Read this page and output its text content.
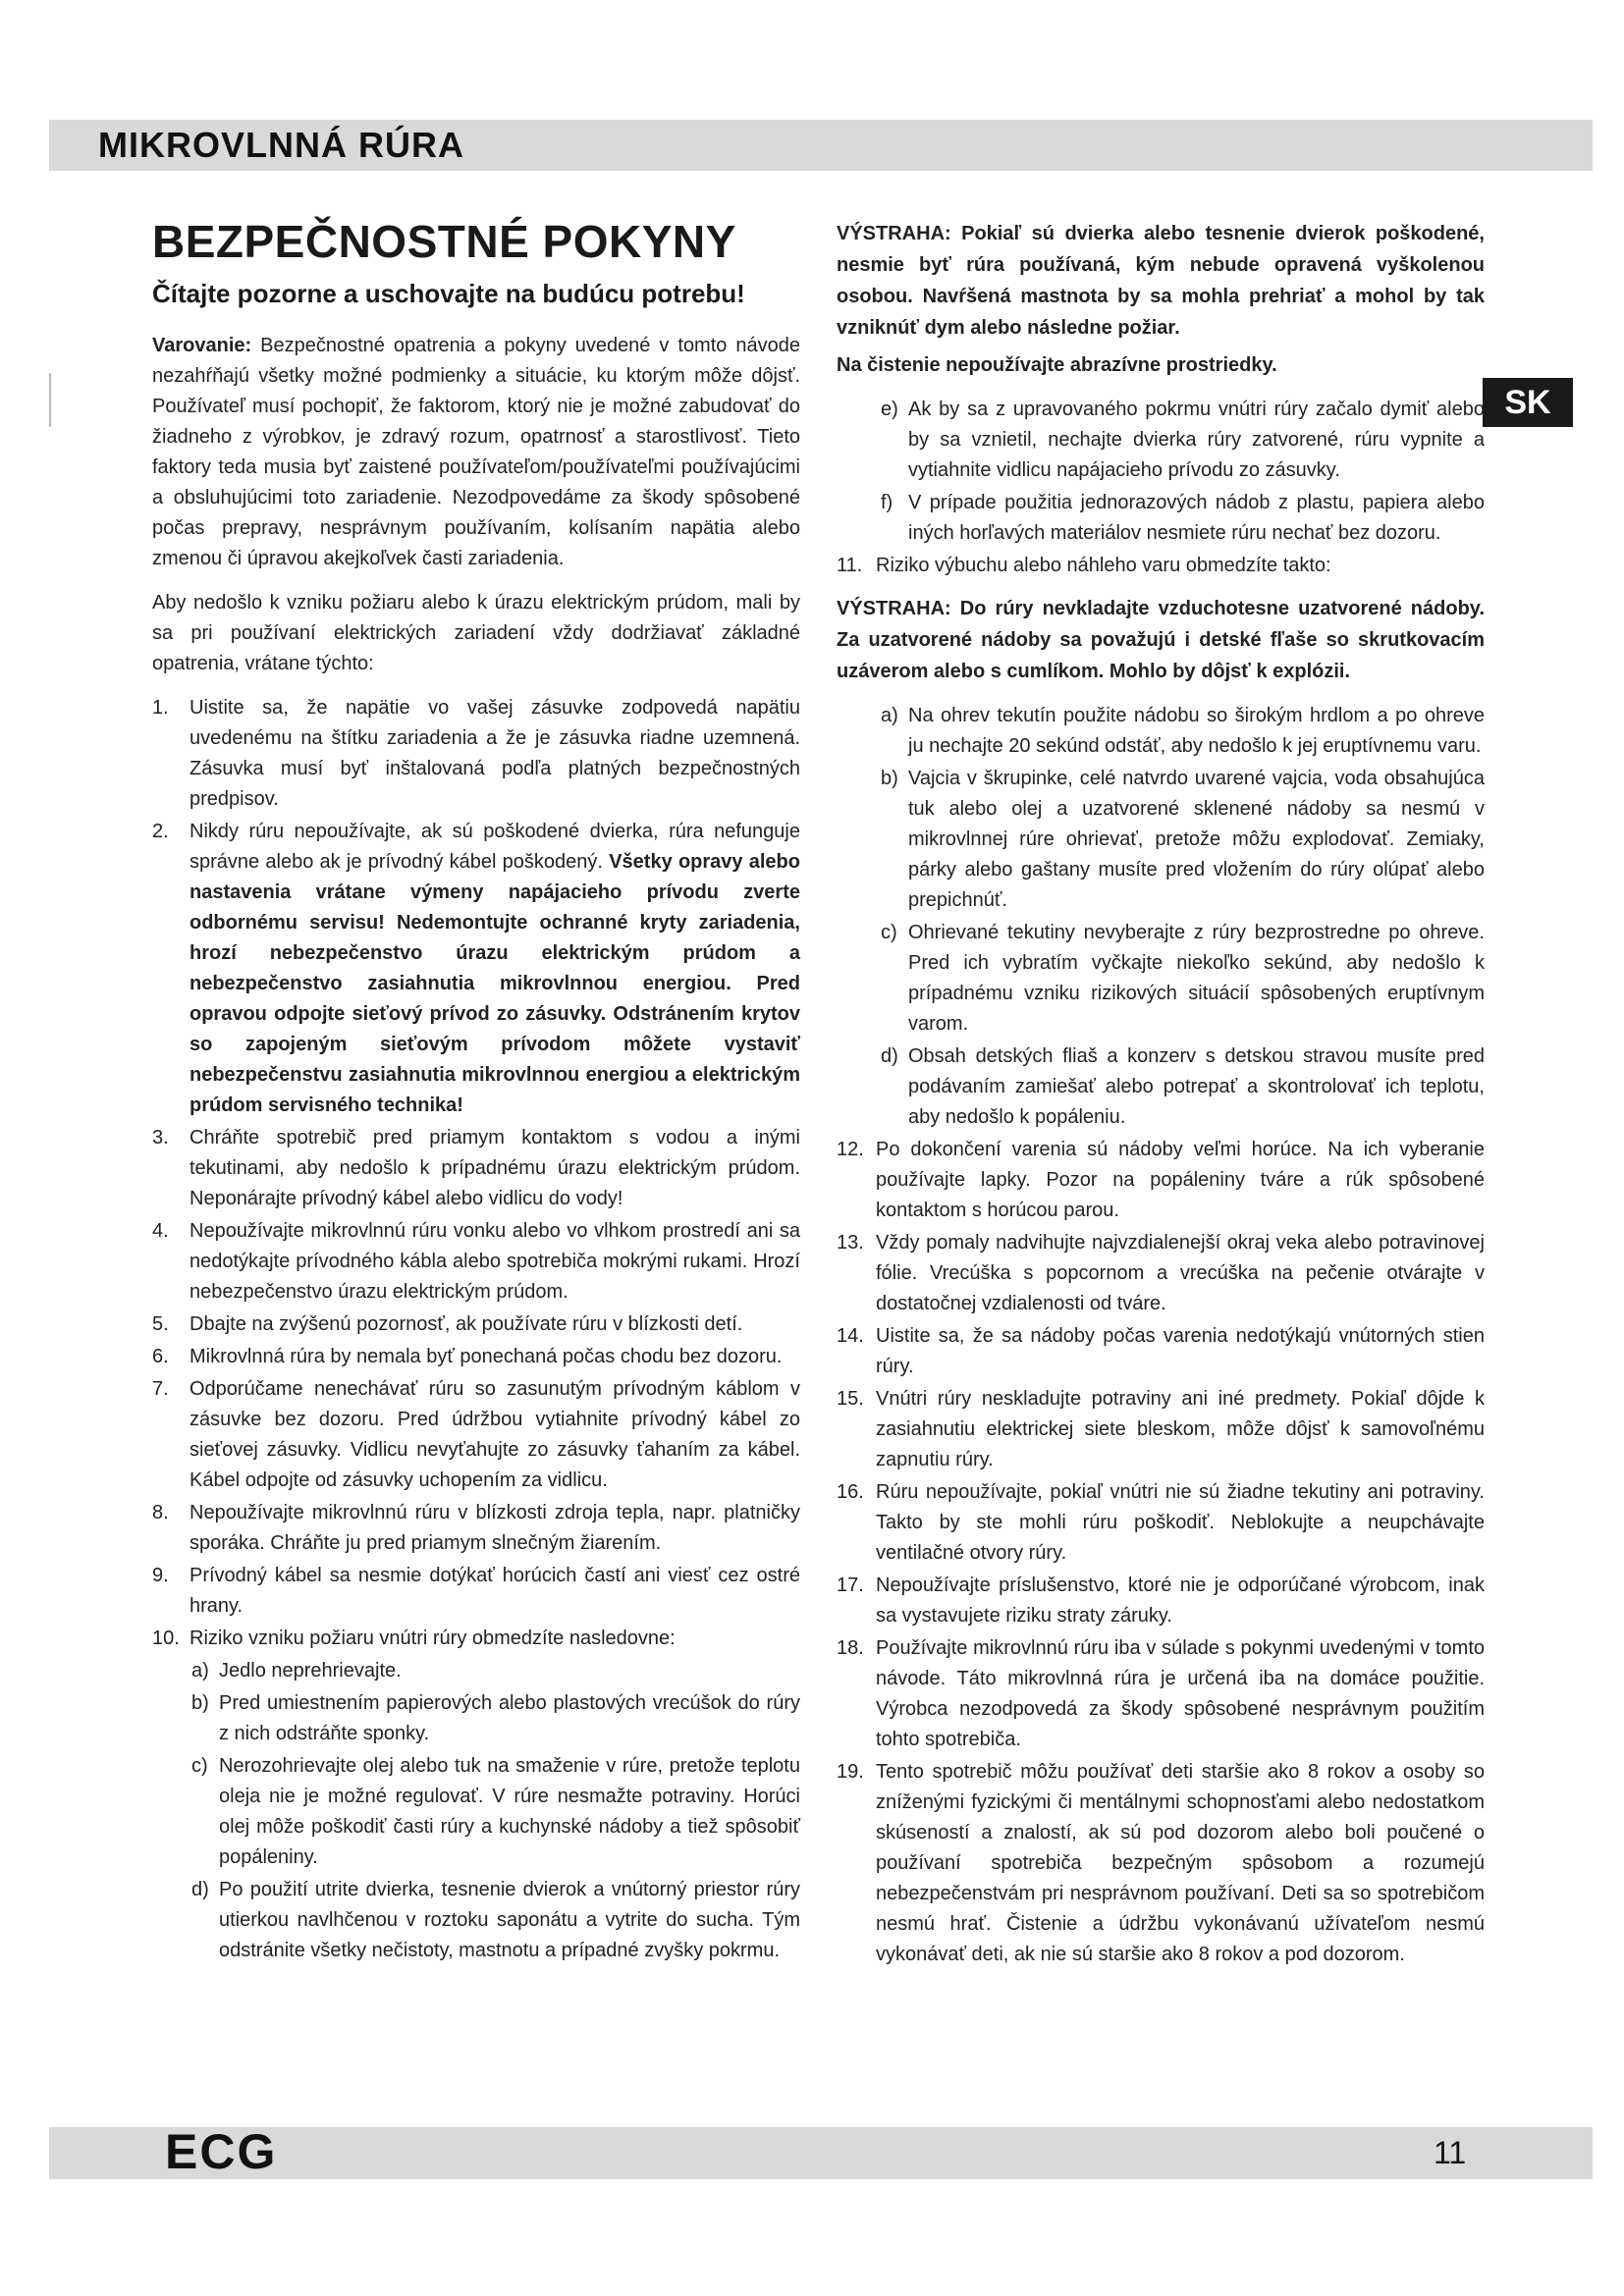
MIKROVLNNÁ RÚRA
SK
BEZPEČNOSTNÉ POKYNY
Čítajte pozorne a uschovajte na budúcu potrebu!

Varovanie: Bezpečnostné opatrenia a pokyny uvedené v tomto návode nezahŕňajú všetky možné podmienky a situácie, ku ktorým môže dôjsť. Používateľ musí pochopiť, že faktorom, ktorý nie je možné zabudovať do žiadneho z výrobkov, je zdravý rozum, opatrnosť a starostlivosť. Tieto faktory teda musia byť zaistené používateľom/používateľmi používajúcimi a obsluhujúcimi toto zariadenie. Nezodpovedáme za škody spôsobené počas prepravy, nesprávnym používaním, kolísaním napätia alebo zmenou či úpravou akejkoľvek časti zariadenia.

Aby nedošlo k vzniku požiaru alebo k úrazu elektrickým prúdom, mali by sa pri používaní elektrických zariadení vždy dodržiavať základné opatrenia, vrátane týchto:

1.	Uistite sa, že napätie vo vašej zásuvke zodpovedá napätiu uvedenému na štítku zariadenia a že je zásuvka riadne uzemnená. Zásuvka musí byť inštalovaná podľa platných bezpečnostných predpisov.
2.	Nikdy rúru nepoužívajte, ak sú poškodené dvierka, rúra nefunguje správne alebo ak je prívodný kábel poškodený. Všetky opravy alebo nastavenia vrátane výmeny napájacieho prívodu zverte odbornému servisu! Nedemontujte ochranné kryty zariadenia, hrozí nebezpečenstvo úrazu elektrickým prúdom a nebezpečenstvo zasiahnutia mikrovlnnou energiou. Pred opravou odpojte sieťový prívod zo zásuvky. Odstránením krytov so zapojeným sieťovým prívodom môžete vystaviť nebezpečenstvu zasiahnutia mikrovlnnou energiou a elektrickým prúdom servisného technika!
3.	Chráňte spotrebič pred priamym kontaktom s vodou a inými tekutinami, aby nedošlo k prípadnému úrazu elektrickým prúdom. Neponárajte prívodný kábel alebo vidlicu do vody!
4.	Nepoužívajte mikrovlnnú rúru vonku alebo vo vlhkom prostredí ani sa nedotýkajte prívodného kábla alebo spotrebiča mokrými rukami. Hrozí nebezpečenstvo úrazu elektrickým prúdom.
5.	Dbajte na zvýšenú pozornosť, ak používate rúru v blízkosti detí.
6.	Mikrovlnná rúra by nemala byť ponechaná počas chodu bez dozoru.
7.	Odporúčame nenechávať rúru so zasunutým prívodným káblom v zásuvke bez dozoru. Pred údržbou vytiahnite prívodný kábel zo sieťovej zásuvky. Vidlicu nevyťahujte zo zásuvky ťahaním za kábel. Kábel odpojte od zásuvky uchopením za vidlicu.
8.	Nepoužívajte mikrovlnnú rúru v blízkosti zdroja tepla, napr. platničky sporáka. Chráňte ju pred priamym slnečným žiarením.
9.	Prívodný kábel sa nesmie dotýkať horúcich častí ani viesť cez ostré hrany.
10. Riziko vzniku požiaru vnútri rúry obmedzíte nasledovne:
a) Jedlo neprehrievajte.
b) Pred umiestnením papierových alebo plastových vrecúšok do rúry z nich odstráňte sponky.
c) Nerozohrievajte olej alebo tuk na smaženie v rúre, pretože teplotu oleja nie je možné regulovať. V rúre nesmažte potraviny. Horúci olej môže poškodiť časti rúry a kuchynské nádoby a tiež spôsobiť popáleniny.
d) Po použití utrite dvierka, tesnenie dvierok a vnútorný priestor rúry utierkou navlhčenou v roztoku saponátu a vytrite do sucha. Tým odstránite všetky nečistoty, mastnotu a prípadné zvyšky pokrmu.
VÝSTRAHA: Pokiaľ sú dvierka alebo tesnenie dvierok poškodené, nesmie byť rúra používaná, kým nebude opravená vyškolenou osobou. Navŕšená mastnota by sa mohla prehriať a mohol by tak vzniknúť dym alebo následne požiar.
Na čistenie nepoužívajte abrazívne prostriedky.
e) Ak by sa z upravovaného pokrmu vnútri rúry začalo dymiť alebo by sa vznietil, nechajte dvierka rúry zatvorené, rúru vypnite a vytiahnite vidlicu napájacieho prívodu zo zásuvky.
f) V prípade použitia jednorazových nádob z plastu, papiera alebo iných horľavých materiálov nesmiete rúru nechať bez dozoru.
11. Riziko výbuchu alebo náhleho varu obmedzíte takto:
VÝSTRAHA: Do rúry nevkladajte vzduchotesne uzatvorené nádoby. Za uzatvorené nádoby sa považujú i detské fľaše so skrutkovacím uzáverom alebo s cumlíkom. Mohlo by dôjsť k explózii.
a) Na ohrev tekutín použite nádobu so širokým hrdlom a po ohreve ju nechajte 20 sekúnd odstáť, aby nedošlo k jej eruptívnemu varu.
b) Vajcia v škrupinke, celé natvrdo uvarené vajcia, voda obsahujúca tuk alebo olej a uzatvorené sklenené nádoby sa nesmú v mikrovlnnej rúre ohrievať, pretože môžu explodovať. Zemiaky, párky alebo gaštany musíte pred vložením do rúry olúpať alebo prepichnúť.
c) Ohrievané tekutiny nevyberajte z rúry bezprostredne po ohreve. Pred ich vybratím vyčkajte niekoľko sekúnd, aby nedošlo k prípadnému vzniku rizikových situácií spôsobených eruptívnym varom.
d) Obsah detských fliaš a konzerv s detskou stravou musíte pred podávaním zamiešať alebo potrepať a skontrolovať ich teplotu, aby nedošlo k popáleniu.
12. Po dokončení varenia sú nádoby veľmi horúce. Na ich vyberanie používajte lapky. Pozor na popáleniny tváre a rúk spôsobené kontaktom s horúcou parou.
13. Vždy pomaly nadvihujte najvzdialenejší okraj veka alebo potravinovej fólie. Vrecúška s popcornom a vrecúška na pečenie otvárajte v dostatočnej vzdialenosti od tváre.
14. Uistite sa, že sa nádoby počas varenia nedotýkajú vnútorných stien rúry.
15. Vnútri rúry neskladujte potraviny ani iné predmety. Pokiaľ dôjde k zasiahnutiu elektrickej siete bleskom, môže dôjsť k samovoľnému zapnutiu rúry.
16. Rúru nepoužívajte, pokiaľ vnútri nie sú žiadne tekutiny ani potraviny. Takto by ste mohli rúru poškodiť. Neblokujte a neupchávajte ventilačné otvory rúry.
17. Nepoužívajte príslušenstvo, ktoré nie je odporúčané výrobcom, inak sa vystavujete riziku straty záruky.
18. Používajte mikrovlnnú rúru iba v súlade s pokynmi uvedenými v tomto návode. Táto mikrovlnná rúra je určená iba na domáce použitie. Výrobca nezodpovedá za škody spôsobené nesprávnym použitím tohto spotrebiča.
19. Tento spotrebič môžu používať deti staršie ako 8 rokov a osoby so zníženými fyzickými či mentálnymi schopnosťami alebo nedostatkom skúseností a znalostí, ak sú pod dozorom alebo boli poučené o používaní spotrebiča bezpečným spôsobom a rozumejú nebezpečenstvám pri nesprávnom používaní. Deti sa so spotrebičom nesmú hrať. Čistenie a údržbu vykonávanú užívateľom nesmú vykonávať deti, ak nie sú staršie ako 8 rokov a pod dozorom.
ECG	11
